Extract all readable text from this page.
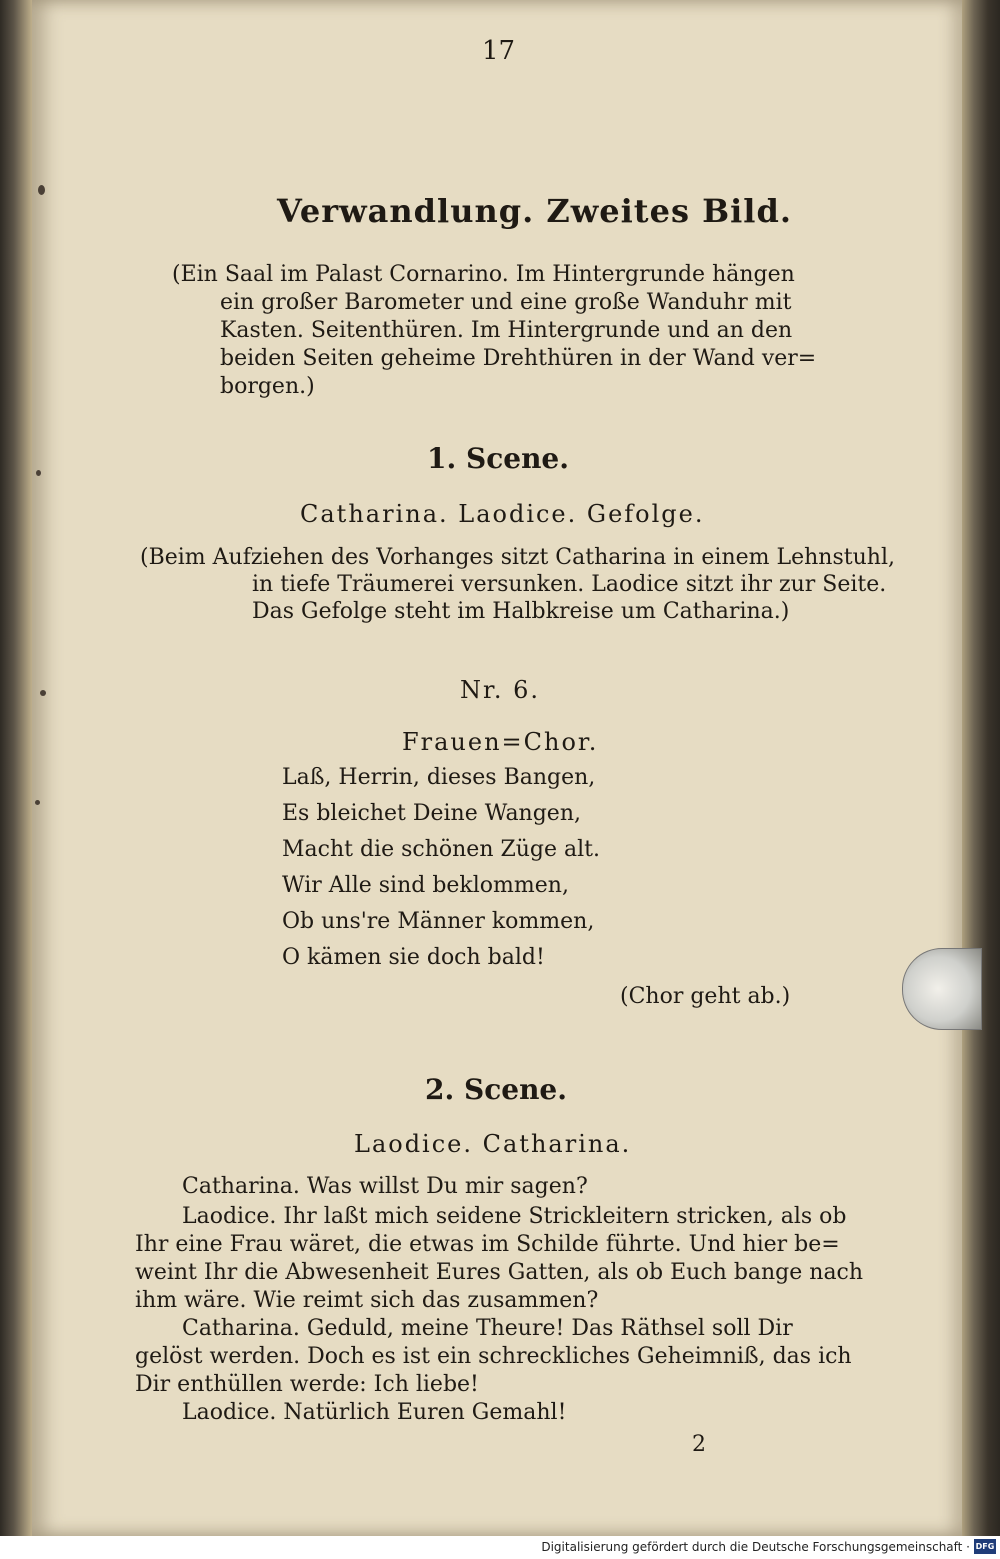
17
Verwandlung. Zweites Bild.
(Ein Saal im Palast Cornarino. Im Hintergrunde hängen
ein großer Barometer und eine große Wanduhr mit
Kasten. Seitenthüren. Im Hintergrunde und an den
beiden Seiten geheime Drehthüren in der Wand ver=
borgen.)
1. Scene.
Catharina. Laodice. Gefolge.
(Beim Aufziehen des Vorhanges sitzt Catharina in einem Lehnstuhl,
in tiefe Träumerei versunken. Laodice sitzt ihr zur Seite.
Das Gefolge steht im Halbkreise um Catharina.)
Nr. 6.
Frauen=Chor.
Laß, Herrin, dieses Bangen,
Es bleichet Deine Wangen,
Macht die schönen Züge alt.
Wir Alle sind beklommen,
Ob uns're Männer kommen,
O kämen sie doch bald!
(Chor geht ab.)
2. Scene.
Laodice. Catharina.
Catharina. Was willst Du mir sagen?
Laodice. Ihr laßt mich seidene Strickleitern stricken, als ob
Ihr eine Frau wäret, die etwas im Schilde führte. Und hier be=
weint Ihr die Abwesenheit Eures Gatten, als ob Euch bange nach
ihm wäre. Wie reimt sich das zusammen?
Catharina. Geduld, meine Theure! Das Räthsel soll Dir
gelöst werden. Doch es ist ein schreckliches Geheimniß, das ich
Dir enthüllen werde: Ich liebe!
Laodice. Natürlich Euren Gemahl!
2
Digitalisierung gefördert durch die Deutsche Forschungsgemeinschaft · DFG
